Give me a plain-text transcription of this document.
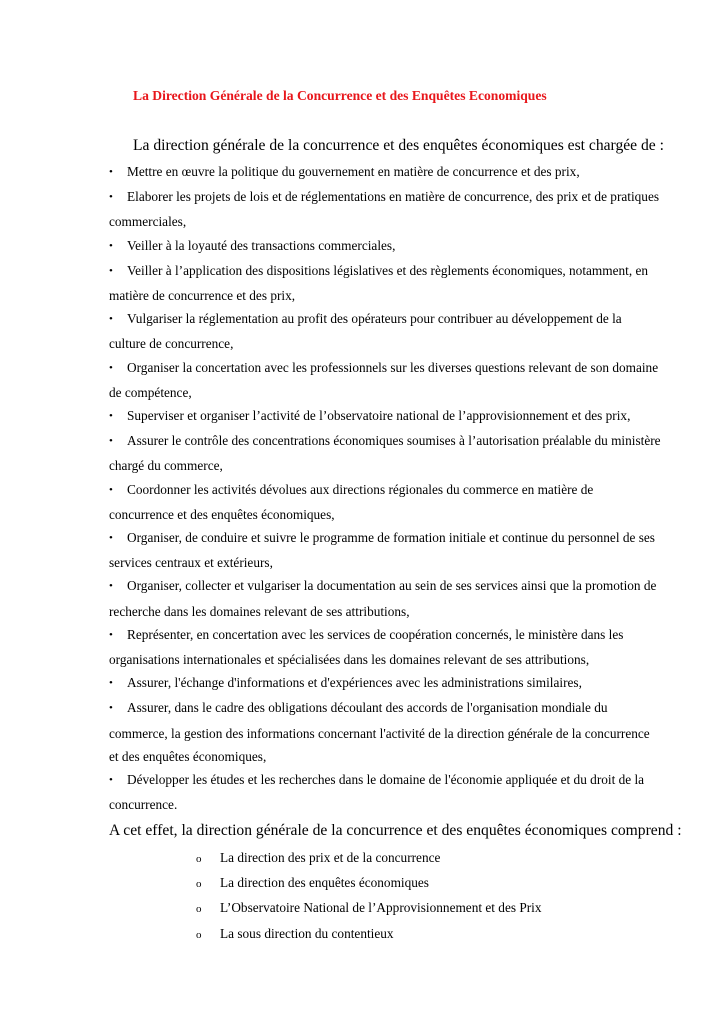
La Direction Générale de la Concurrence et des Enquêtes Economiques
La direction générale de la concurrence et des enquêtes économiques est chargée de :
• Mettre en œuvre la politique du gouvernement en matière de concurrence et des prix,
• Elaborer les projets de lois et de réglementations en matière de concurrence, des prix et de pratiques
commerciales,
• Veiller à la loyauté des transactions commerciales,
• Veiller à l’application des dispositions législatives et des règlements économiques, notamment, en
matière de concurrence et des prix,
• Vulgariser la réglementation au profit des opérateurs pour contribuer au développement de la
culture de concurrence,
• Organiser la concertation avec les professionnels sur les diverses questions relevant de son domaine
de compétence,
• Superviser et organiser l’activité de l’observatoire national de l’approvisionnement et des prix,
• Assurer le contrôle des concentrations économiques soumises à l’autorisation préalable du ministère
chargé du commerce,
• Coordonner les activités dévolues aux directions régionales du commerce en matière de
concurrence et des enquêtes économiques,
• Organiser, de conduire et suivre le programme de formation initiale et continue du personnel de ses
services centraux et extérieurs,
• Organiser, collecter et vulgariser la documentation au sein de ses services ainsi que la promotion de
recherche dans les domaines relevant de ses attributions,
• Représenter, en concertation avec les services de coopération concernés, le ministère dans les
organisations internationales et spécialisées dans les domaines relevant de ses attributions,
• Assurer, l'échange d'informations et d'expériences avec les administrations similaires,
• Assurer, dans le cadre des obligations découlant des accords de l'organisation mondiale du
commerce, la gestion des informations concernant l'activité de la direction générale de la concurrence
et des enquêtes économiques,
• Développer les études et les recherches dans le domaine de l'économie appliquée et du droit de la
concurrence.
A cet effet, la direction générale de la concurrence et des enquêtes économiques comprend :
o La direction des prix et de la concurrence
o La direction des enquêtes économiques
o L’Observatoire National de l’Approvisionnement et des Prix
o La sous direction du contentieux
